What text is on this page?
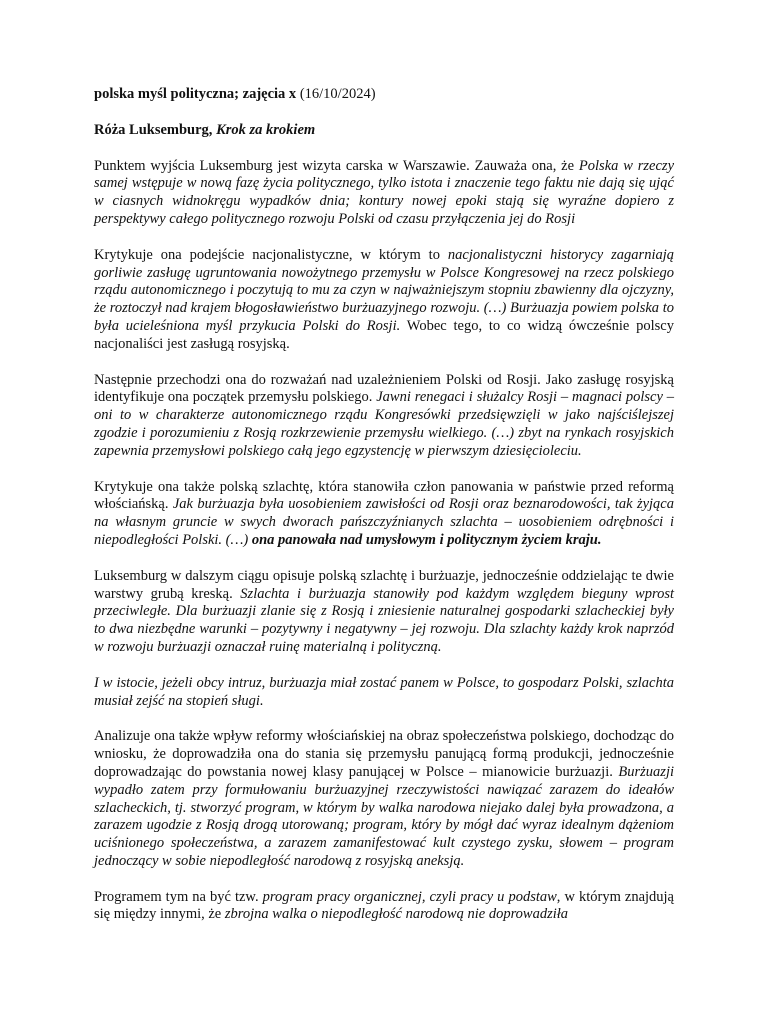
polska myśl polityczna; zajęcia x (16/10/2024)

Róża Luksemburg, Krok za krokiem

Punktem wyjścia Luksemburg jest wizyta carska w Warszawie. Zauważa ona, że Polska w rzeczy samej wstępuje w nową fazę życia politycznego, tylko istota i znaczenie tego faktu nie dają się ująć w ciasnych widnokręgu wypadków dnia; kontury nowej epoki stają się wyraźne dopiero z perspektywy całego politycznego rozwoju Polski od czasu przyłączenia jej do Rosji

Krytykuje ona podejście nacjonalistyczne, w którym to nacjonalistyczni historycy zagarniają gorliwie zasługę ugruntowania nowożytnego przemysłu w Polsce Kongresowej na rzecz polskiego rządu autonomicznego i poczytują to mu za czyn w najważniejszym stopniu zbawienny dla ojczyzny, że roztoczył nad krajem błogosławieństwo burżuazyjnego rozwoju. (…) Burżuazja powiem polska to była ucieleśniona myśl przykucia Polski do Rosji. Wobec tego, to co widzą ówcześnie polscy nacjonaliści jest zasługą rosyjską.

Następnie przechodzi ona do rozważań nad uzależnieniem Polski od Rosji. Jako zasługę rosyjską identyfikuje ona początek przemysłu polskiego. Jawni renegaci i służalcy Rosji – magnaci polscy – oni to w charakterze autonomicznego rządu Kongresówki przedsięwzięli w jako najściślejszej zgodzie i porozumieniu z Rosją rozkrzewienie przemysłu wielkiego. (…) zbyt na rynkach rosyjskich zapewnia przemysłowi polskiego całą jego egzystencję w pierwszym dziesięcioleciu.

Krytykuje ona także polską szlachtę, która stanowiła człon panowania w państwie przed reformą włościańską. Jak burżuazja była uosobieniem zawisłości od Rosji oraz beznarodowości, tak żyjąca na własnym gruncie w swych dworach pańszczyźnianych szlachta – uosobieniem odrębności i niepodległości Polski. (…) ona panowała nad umysłowym i politycznym życiem kraju.

Luksemburg w dalszym ciągu opisuje polską szlachtę i burżuazje, jednocześnie oddzielając te dwie warstwy grubą kreską. Szlachta i burżuazja stanowiły pod każdym względem bieguny wprost przeciwległe. Dla burżuazji zlanie się z Rosją i zniesienie naturalnej gospodarki szlacheckiej były to dwa niezbędne warunki – pozytywny i negatywny – jej rozwoju. Dla szlachty każdy krok naprzód w rozwoju burżuazji oznaczał ruinę materialną i polityczną.

I w istocie, jeżeli obcy intruz, burżuazja miał zostać panem w Polsce, to gospodarz Polski, szlachta musiał zejść na stopień sługi.

Analizuje ona także wpływ reformy włościańskiej na obraz społeczeństwa polskiego, dochodząc do wniosku, że doprowadziła ona do stania się przemysłu panującą formą produkcji, jednocześnie doprowadzając do powstania nowej klasy panującej w Polsce – mianowicie burżuazji. Burżuazji wypadło zatem przy formułowaniu burżuazyjnej rzeczywistości nawiązać zarazem do ideałów szlacheckich, tj. stworzyć program, w którym by walka narodowa niejako dalej była prowadzona, a zarazem ugodzie z Rosją drogą utorowaną; program, który by mógł dać wyraz idealnym dążeniom uciśnionego społeczeństwa, a zarazem zamanifestować kult czystego zysku, słowem – program jednoczący w sobie niepodległość narodową z rosyjską aneksją.

Programem tym na być tzw. program pracy organicznej, czyli pracy u podstaw, w którym znajdują się między innymi, że zbrojna walka o niepodległość narodową nie doprowadziła
